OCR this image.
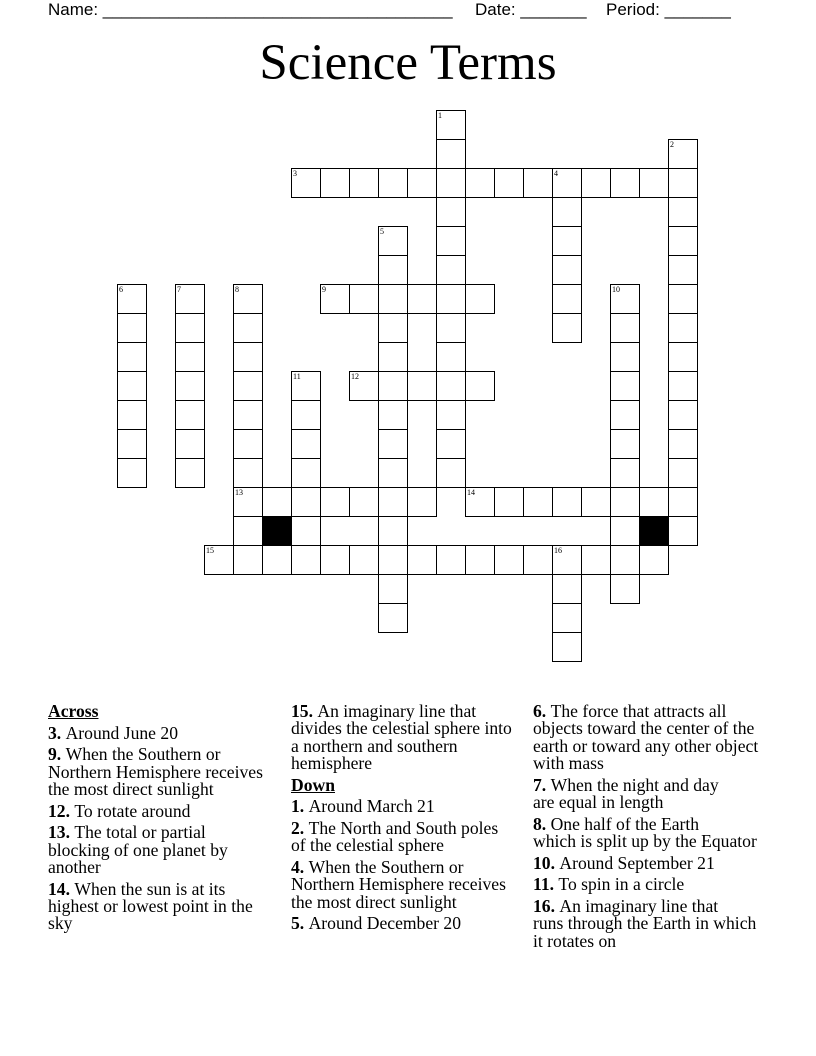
Name: _____________________________________ Date: _______ Period: _______
Science Terms
3	4
9
12
13	14
15	16
1
2
5
6	7	8	10
11
Across
3 . Around June 20
9 . When the Southern or
Northern Hemisphere receives
the most direct sunlight
12 . To rotate around
13 . The total or partial
blocking of one planet by
another
14 . When the sun is at its
highest or lowest point in the
sky
15 . An imaginary line that
divides the celestial sphere into
a northern and southern
hemisphere
Down
1 . Around March 21
2 . The North and South poles
of the celestial sphere
4 . When the Southern or
Northern Hemisphere receives
the most direct sunlight
5 . Around December 20
6 . The force that attracts all
objects toward the center of the
earth or toward any other object
with mass
7 . When the night and day
are equal in length
8 . One half of the Earth
which is split up by the Equator
10 . Around September 21
11 . To spin in a circle
16 . An imaginary line that
runs through the Earth in which
it rotates on
